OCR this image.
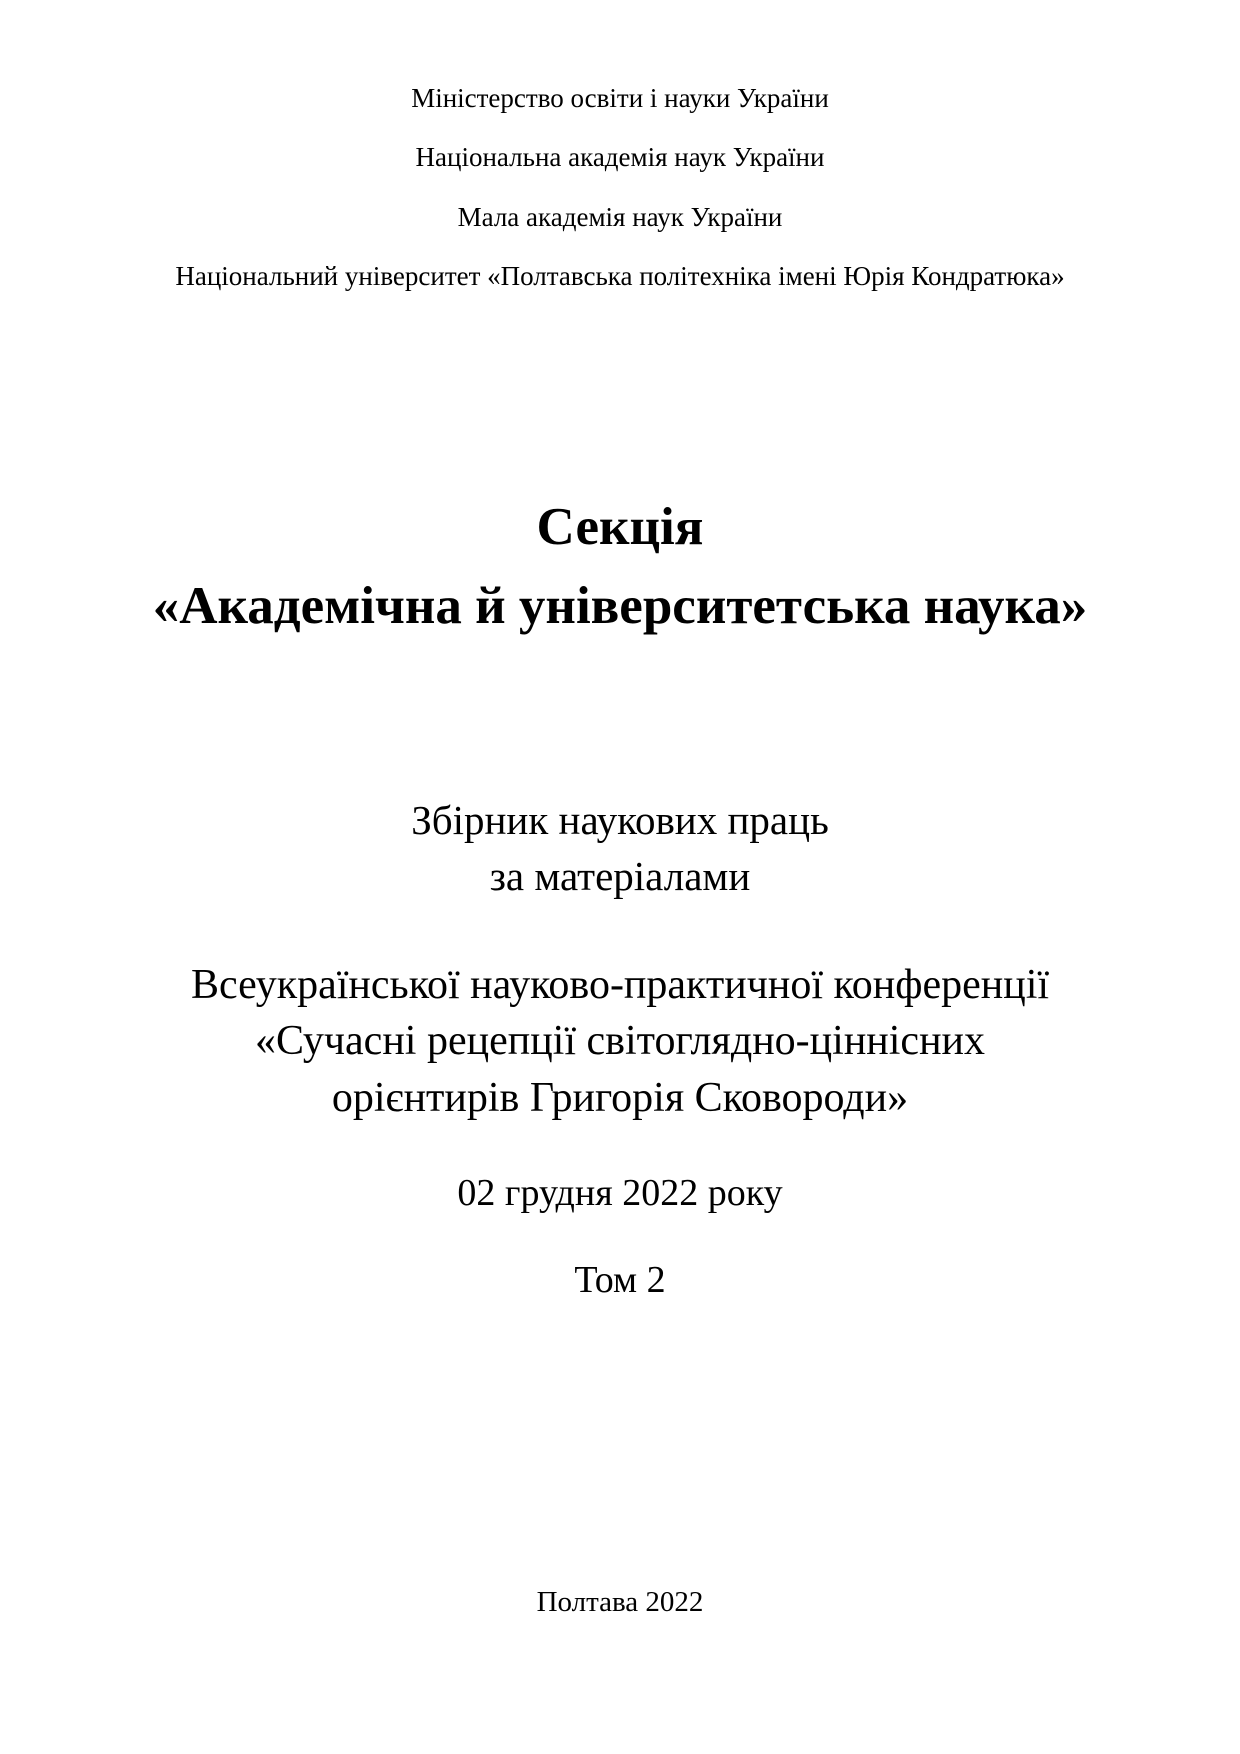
Міністерство освіти і науки України
Національна академія наук України
Мала академія наук України
Національний університет «Полтавська політехніка імені Юрія Кондратюка»
Секція
«Академічна й університетська наука»
Збірник наукових праць
за матеріалами
Всеукраїнської науково-практичної конференції
«Сучасні рецепції світоглядно-ціннісних
орієнтирів Григорія Сковороди»
02 грудня 2022 року
Том 2
Полтава 2022
